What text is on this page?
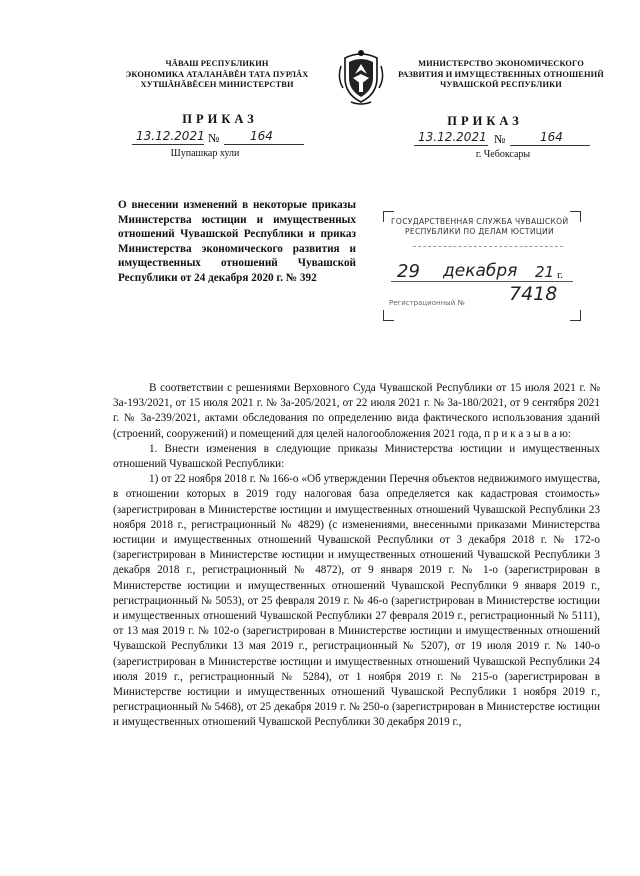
ЧĂВАШ РЕСПУБЛИКИН
ЭКОНОМИКА АТАЛАНĂВĔН ТАТА ПУРЛĂХ
ХУТШĂНĂВĔСЕН МИНИСТЕРСТВИ
МИНИСТЕРСТВО ЭКОНОМИЧЕСКОГО
РАЗВИТИЯ И ИМУЩЕСТВЕННЫХ ОТНОШЕНИЙ
ЧУВАШСКОЙ РЕСПУБЛИКИ
ПРИКАЗ	ПРИКАЗ
13.12.2021 №	164
Шупашкар хули
13.12.2021 №	164
г. Чебоксары
О внесении изменений в некоторые приказы Министерства юстиции и имущественных отношений Чувашской Республики и приказ Министерства экономического развития и имущественных отношений Чувашской Республики от 24 декабря 2020 г. № 392
ГОСУДАРСТВЕННАЯ СЛУЖБА ЧУВАШСКОЙ
РЕСПУБЛИКИ ПО ДЕЛАМ ЮСТИЦИИ
29 декабря 21 г.
Регистрационный № 7418

В соответствии с решениями Верховного Суда Чувашской Республики от 15 июля 2021 г. № 3а-193/2021, от 15 июля 2021 г. № 3а-205/2021, от 22 июля 2021 г. № 3а-180/2021, от 9 сентября 2021 г. № 3а-239/2021, актами обследования по определению вида фактического использования зданий (строений, сооружений) и помещений для целей налогообложения 2021 года, п р и к а з ы в а ю:

1. Внести изменения в следующие приказы Министерства юстиции и имущественных отношений Чувашской Республики:

1) от 22 ноября 2018 г. № 166-о «Об утверждении Перечня объектов недвижимого имущества, в отношении которых в 2019 году налоговая база определяется как кадастровая стоимость» (зарегистрирован в Министерстве юстиции и имущественных отношений Чувашской Республики 23 ноября 2018 г., регистрационный № 4829) (с изменениями, внесенными приказами Министерства юстиции и имущественных отношений Чувашской Республики от 3 декабря 2018 г. № 172-о (зарегистрирован в Министерстве юстиции и имущественных отношений Чувашской Республики 3 декабря 2018 г., регистрационный № 4872), от 9 января 2019 г. № 1-о (зарегистрирован в Министерстве юстиции и имущественных отношений Чувашской Республики 9 января 2019 г., регистрационный № 5053), от 25 февраля 2019 г. № 46-о (зарегистрирован в Министерстве юстиции и имущественных отношений Чувашской Республики 27 февраля 2019 г., регистрационный № 5111), от 13 мая 2019 г. № 102-о (зарегистрирован в Министерстве юстиции и имущественных отношений Чувашской Республики 13 мая 2019 г., регистрационный № 5207), от 19 июля 2019 г. № 140-о (зарегистрирован в Министерстве юстиции и имущественных отношений Чувашской Республики 24 июля 2019 г., регистрационный № 5284), от 1 ноября 2019 г. № 215-о (зарегистрирован в Министерстве юстиции и имущественных отношений Чувашской Республики 1 ноября 2019 г., регистрационный № 5468), от 25 декабря 2019 г. № 250-о (зарегистрирован в Министерстве юстиции и имущественных отношений Чувашской Республики 30 декабря 2019 г.,
